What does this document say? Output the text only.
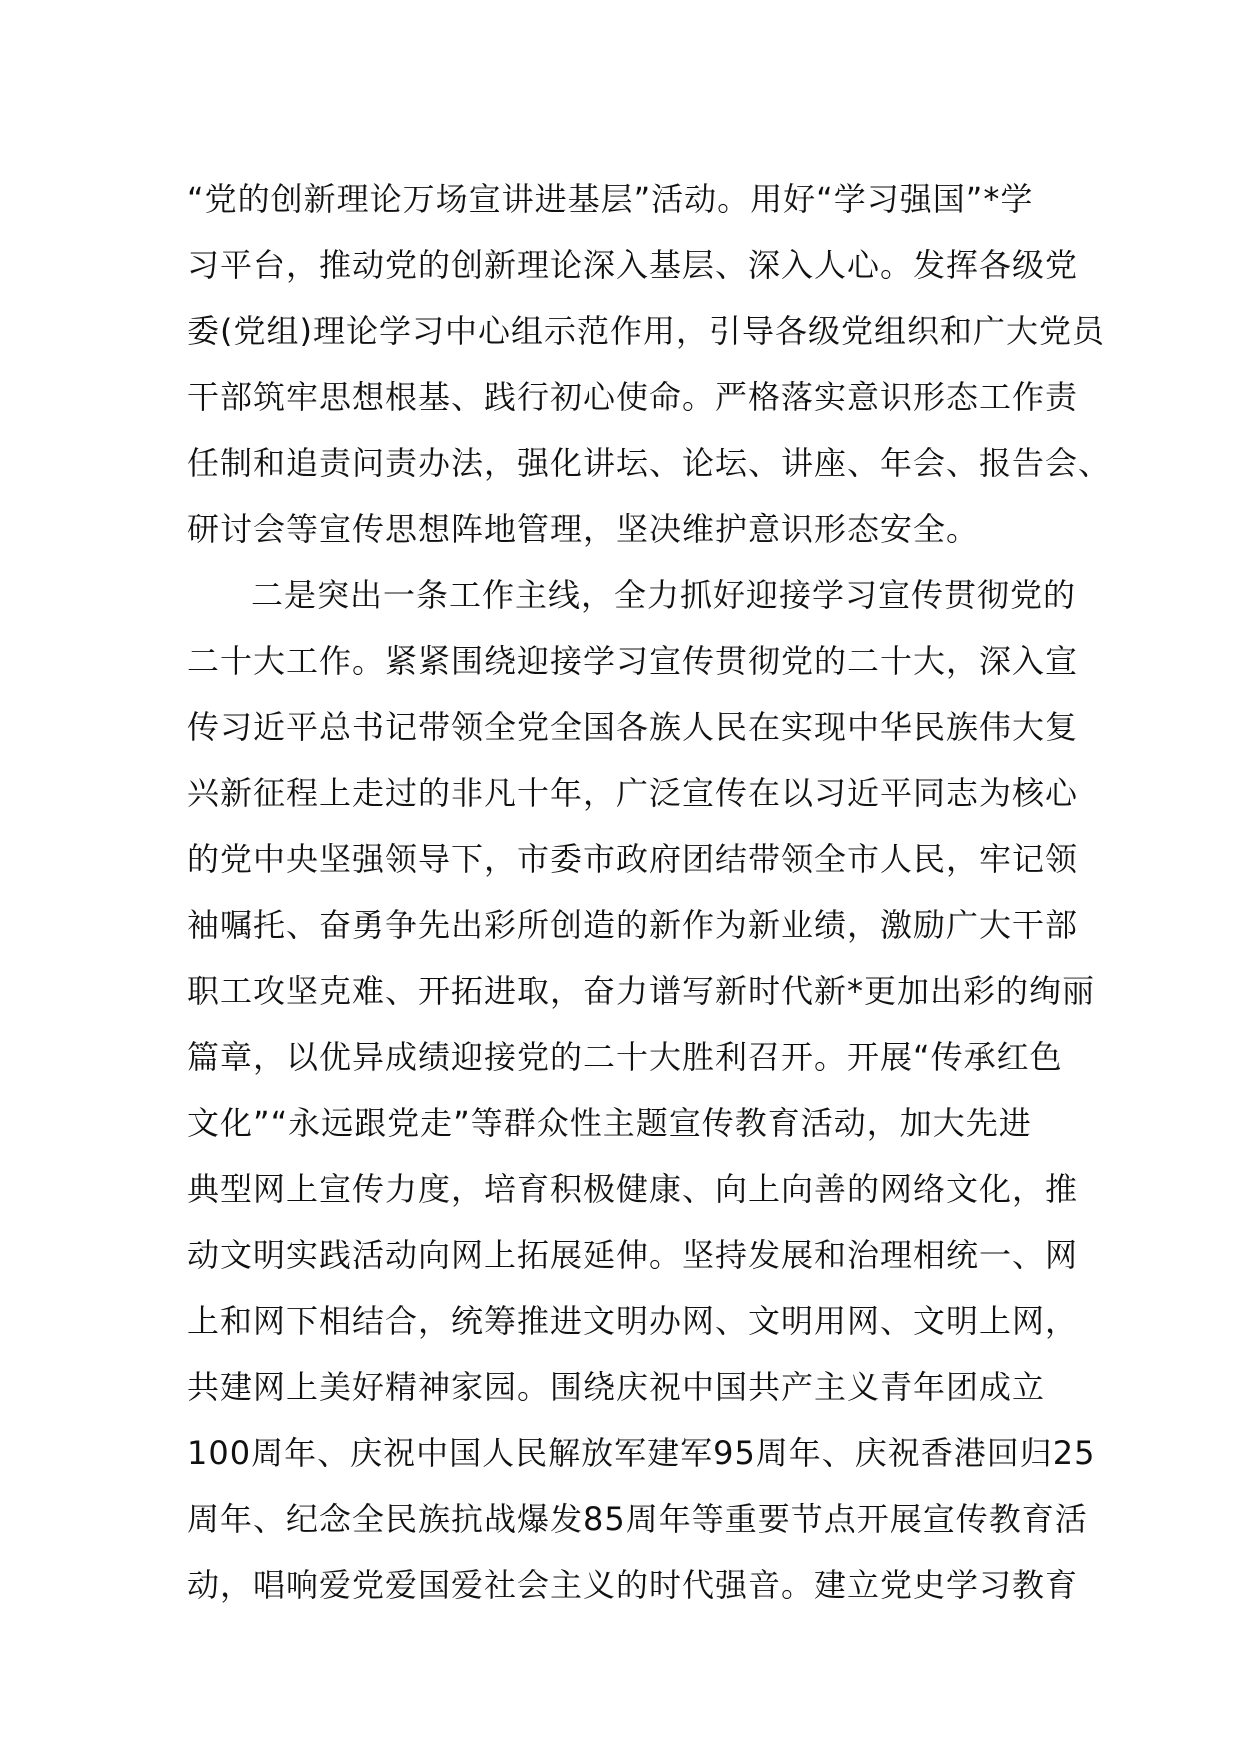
“党的创新理论万场宣讲进基层”活动。用好“学习强国”*学
习平台，推动党的创新理论深入基层、深入人心。发挥各级党
委(党组)理论学习中心组示范作用，引导各级党组织和广大党员
干部筑牢思想根基、践行初心使命。严格落实意识形态工作责
任制和追责问责办法，强化讲坛、论坛、讲座、年会、报告会、
研讨会等宣传思想阵地管理，坚决维护意识形态安全。
二是突出一条工作主线，全力抓好迎接学习宣传贯彻党的
二十大工作。紧紧围绕迎接学习宣传贯彻党的二十大，深入宣
传习近平总书记带领全党全国各族人民在实现中华民族伟大复
兴新征程上走过的非凡十年，广泛宣传在以习近平同志为核心
的党中央坚强领导下，市委市政府团结带领全市人民，牢记领
袖嘱托、奋勇争先出彩所创造的新作为新业绩，激励广大干部
职工攻坚克难、开拓进取，奋力谱写新时代新*更加出彩的绚丽
篇章，以优异成绩迎接党的二十大胜利召开。开展“传承红色
文化”“永远跟党走”等群众性主题宣传教育活动，加大先进
典型网上宣传力度，培育积极健康、向上向善的网络文化，推
动文明实践活动向网上拓展延伸。坚持发展和治理相统一、网
上和网下相结合，统筹推进文明办网、文明用网、文明上网，
共建网上美好精神家园。围绕庆祝中国共产主义青年团成立
100周年、庆祝中国人民解放军建军95周年、庆祝香港回归25
周年、纪念全民族抗战爆发85周年等重要节点开展宣传教育活
动，唱响爱党爱国爱社会主义的时代强音。建立党史学习教育
